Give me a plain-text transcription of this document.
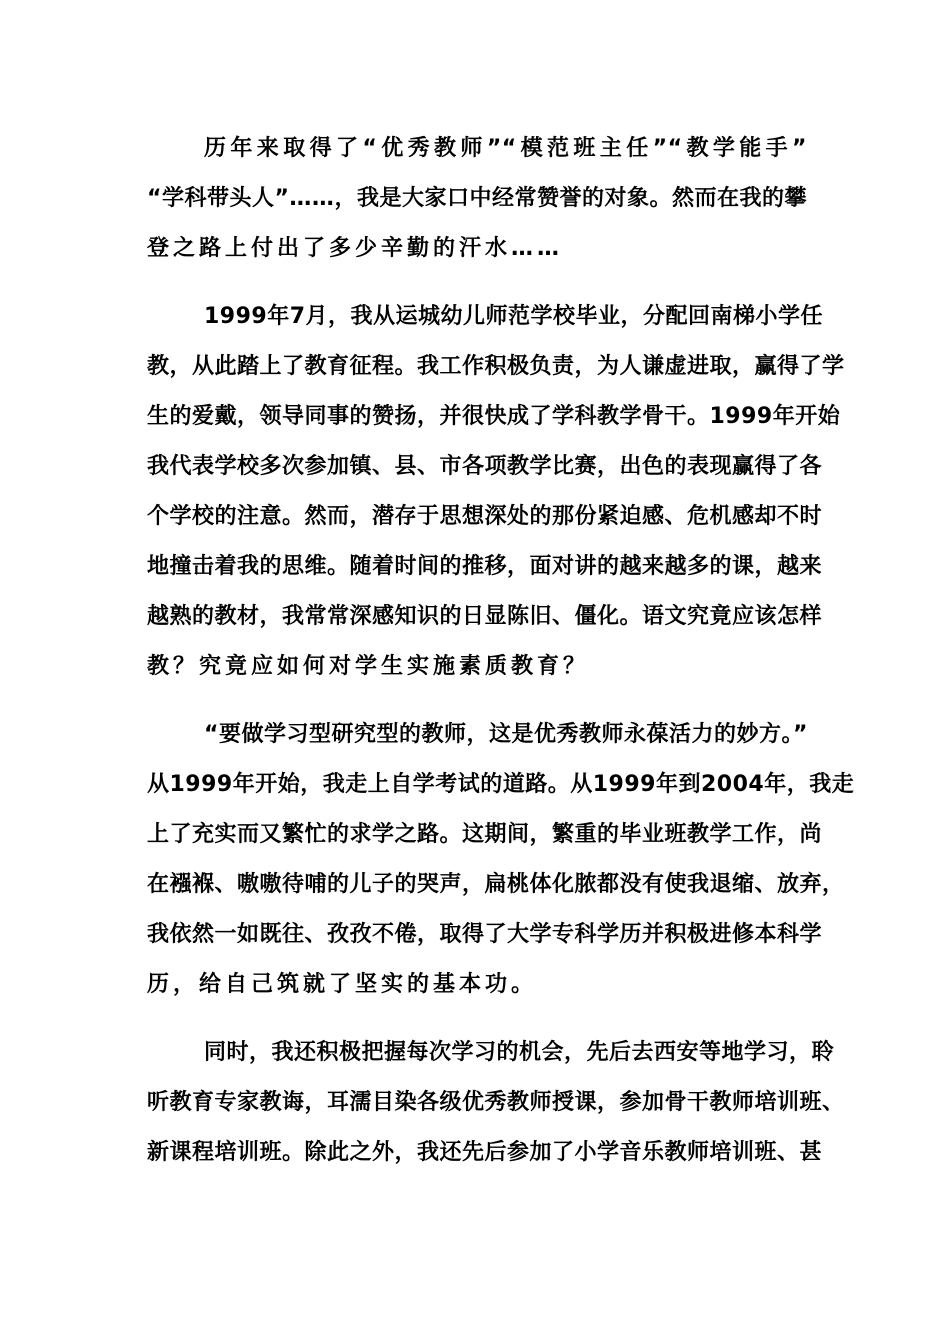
历年来取得了“优秀教师”“模范班主任”“教学能手”
“学科带头人”……，我是大家口中经常赞誉的对象。然而在我的攀
登之路上付出了多少辛勤的汗水……
1999年7月，我从运城幼儿师范学校毕业，分配回南梯小学任
教，从此踏上了教育征程。我工作积极负责，为人谦虚进取，赢得了学
生的爱戴，领导同事的赞扬，并很快成了学科教学骨干。1999年开始
我代表学校多次参加镇、县、市各项教学比赛，出色的表现赢得了各
个学校的注意。然而，潜存于思想深处的那份紧迫感、危机感却不时
地撞击着我的思维。随着时间的推移，面对讲的越来越多的课，越来
越熟的教材，我常常深感知识的日显陈旧、僵化。语文究竟应该怎样
教？究竟应如何对学生实施素质教育？
“要做学习型研究型的教师，这是优秀教师永葆活力的妙方。”
从1999年开始，我走上自学考试的道路。从1999年到2004年，我走
上了充实而又繁忙的求学之路。这期间，繁重的毕业班教学工作，尚
在襁褓、嗷嗷待哺的儿子的哭声，扁桃体化脓都没有使我退缩、放弃，
我依然一如既往、孜孜不倦，取得了大学专科学历并积极进修本科学
历，给自己筑就了坚实的基本功。
同时，我还积极把握每次学习的机会，先后去西安等地学习，聆
听教育专家教诲，耳濡目染各级优秀教师授课，参加骨干教师培训班、
新课程培训班。除此之外，我还先后参加了小学音乐教师培训班、甚
